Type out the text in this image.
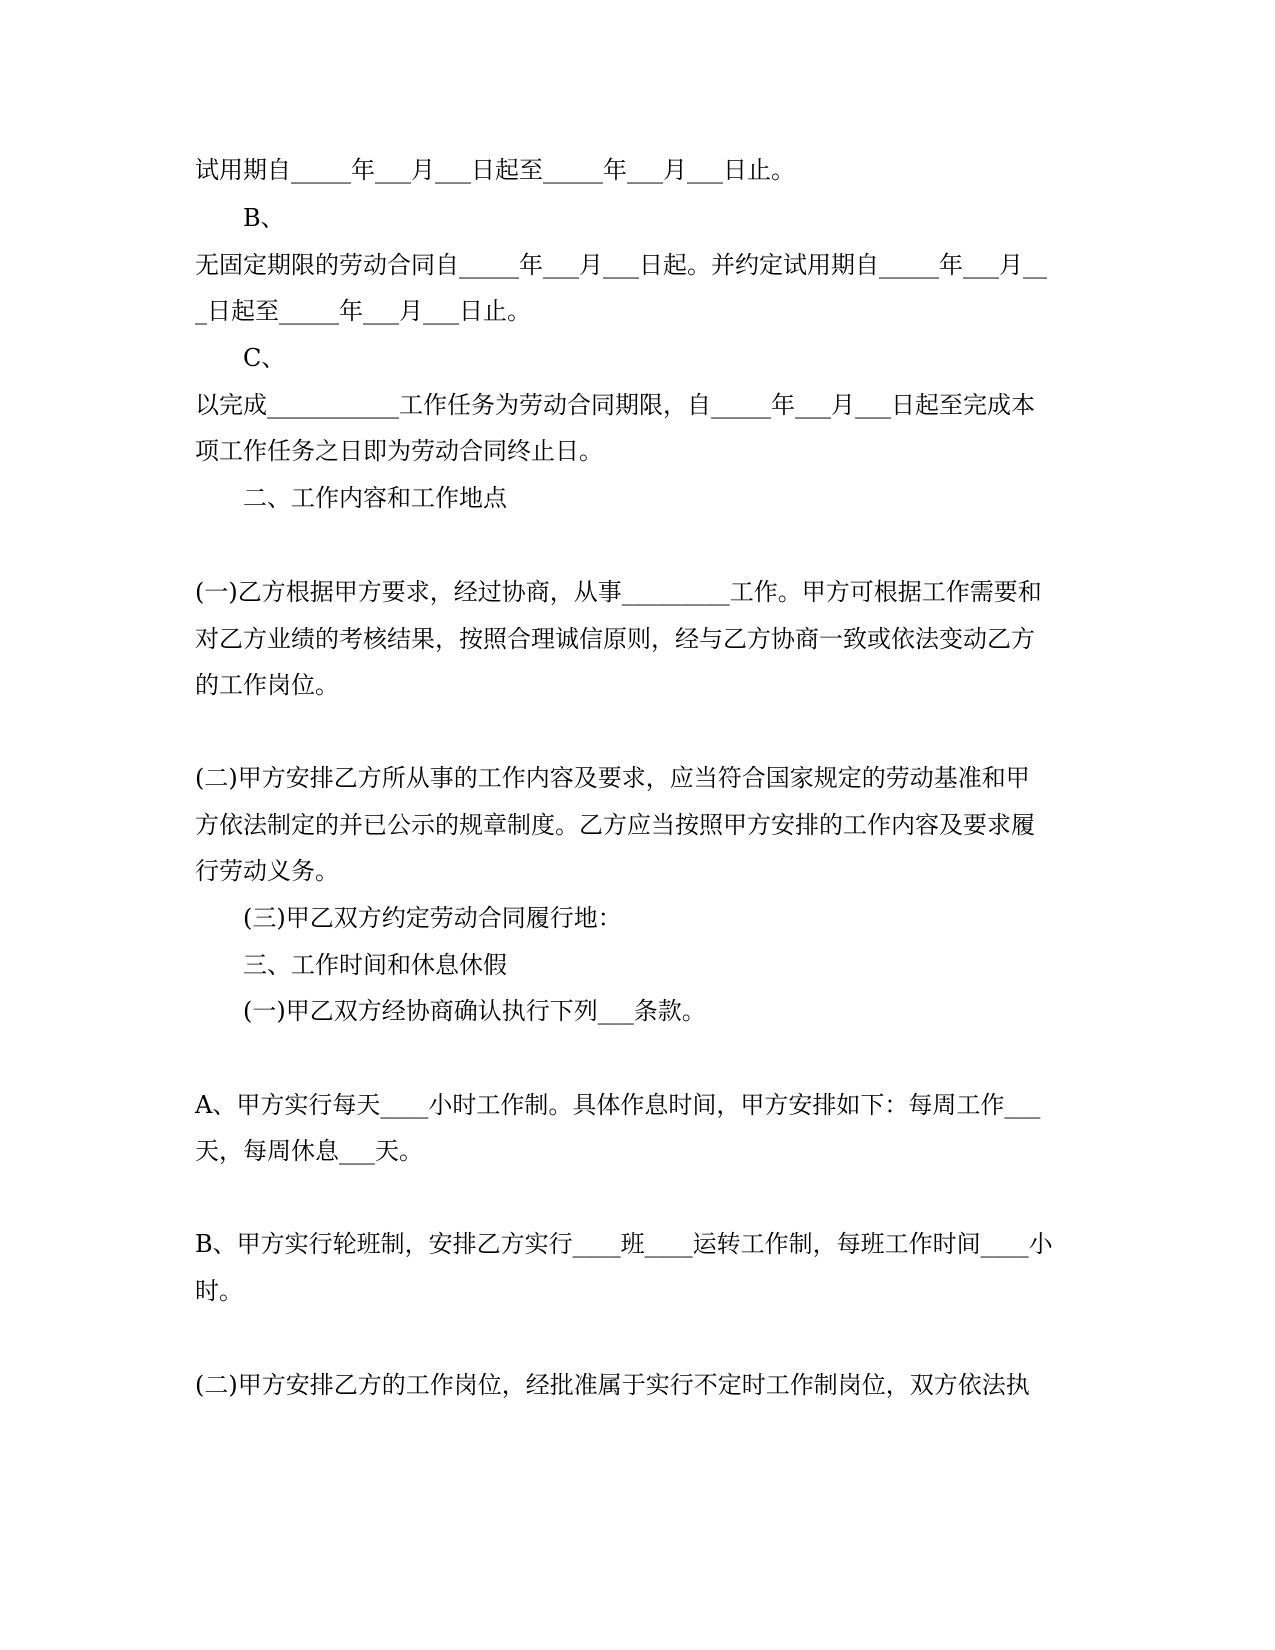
试用期自_____年___月___日起至_____年___月___日止。
B、
无固定期限的劳动合同自_____年___月___日起。并约定试用期自_____年___月__
_日起至_____年___月___日止。
C、
以完成___________工作任务为劳动合同期限，自_____年___月___日起至完成本
项工作任务之日即为劳动合同终止日。
二、工作内容和工作地点
(一)乙方根据甲方要求，经过协商，从事_________工作。甲方可根据工作需要和
对乙方业绩的考核结果，按照合理诚信原则，经与乙方协商一致或依法变动乙方
的工作岗位。
(二)甲方安排乙方所从事的工作内容及要求，应当符合国家规定的劳动基准和甲
方依法制定的并已公示的规章制度。乙方应当按照甲方安排的工作内容及要求履
行劳动义务。
(三)甲乙双方约定劳动合同履行地：
三、工作时间和休息休假
(一)甲乙双方经协商确认执行下列___条款。
A、甲方实行每天____小时工作制。具体作息时间，甲方安排如下：每周工作___
天，每周休息___天。
B、甲方实行轮班制，安排乙方实行____班____运转工作制，每班工作时间____小
时。
(二)甲方安排乙方的工作岗位，经批准属于实行不定时工作制岗位，双方依法执
